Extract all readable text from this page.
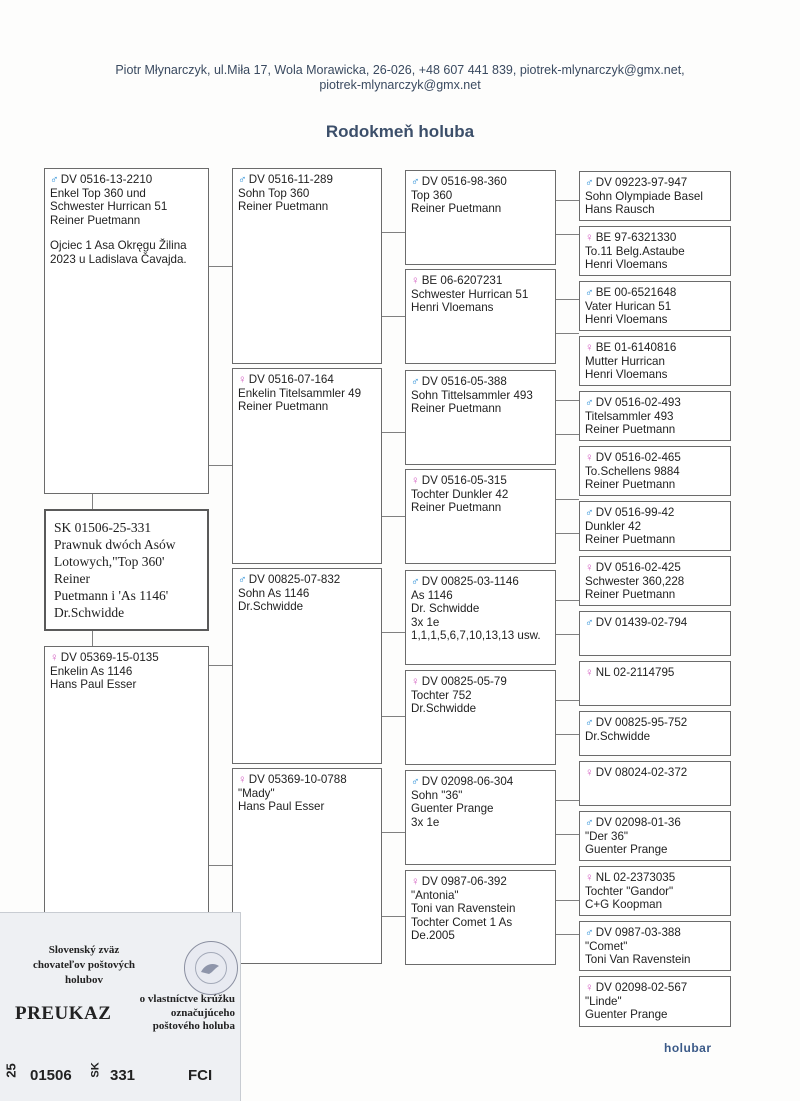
Piotr Młynarczyk, ul.Miła 17, Wola Morawicka, 26-026, +48 607 441 839, piotrek-mlynarczyk@gmx.net,
piotrek-mlynarczyk@gmx.net
Rodokmeň holuba
♂ DV 0516-13-2210
Enkel Top 360 und
Schwester Hurrican 51
Reiner Puetmann
Ojciec 1 Asa Okręgu Žilina
2023 u Ladislava Čavajda.
SK 01506-25-331
Prawnuk dwóch Asów
Lotowych,"Top 360'
Reiner
Puetmann i 'As 1146'
Dr.Schwidde
♀ DV 05369-15-0135
Enkelin As 1146
Hans Paul Esser
♂ DV 0516-11-289
Sohn Top 360
Reiner Puetmann
♀ DV 0516-07-164
Enkelin Titelsammler 49
Reiner Puetmann
♂ DV 00825-07-832
Sohn As 1146
Dr.Schwidde
♀ DV 05369-10-0788
"Mady"
Hans Paul Esser
♂ DV 0516-98-360
Top 360
Reiner Puetmann
♀ BE 06-6207231
Schwester Hurrican 51
Henri Vloemans
♂ DV 0516-05-388
Sohn Tittelsammler 493
Reiner Puetmann
♀ DV 0516-05-315
Tochter Dunkler 42
Reiner Puetmann
♂ DV 00825-03-1146
As 1146
Dr. Schwidde
3x 1e
1,1,1,5,6,7,10,13,13 usw.
♀ DV 00825-05-79
Tochter 752
Dr.Schwidde
♂ DV 02098-06-304
Sohn "36"
Guenter Prange
3x 1e
♀ DV 0987-06-392
"Antonia"
Toni van Ravenstein
Tochter Comet 1 As
De.2005
♂ DV 09223-97-947
Sohn Olympiade Basel
Hans Rausch
♀ BE 97-6321330
To.11 Belg.Astaube
Henri Vloemans
♂ BE 00-6521648
Vater Hurican 51
Henri Vloemans
♀ BE 01-6140816
Mutter Hurrican
Henri Vloemans
♂ DV 0516-02-493
Titelsammler 493
Reiner Puetmann
♀ DV 0516-02-465
To.Schellens 9884
Reiner Puetmann
♂ DV 0516-99-42
Dunkler 42
Reiner Puetmann
♀ DV 0516-02-425
Schwester 360,228
Reiner Puetmann
♂ DV 01439-02-794
♀ NL 02-2114795
♂ DV 00825-95-752
Dr.Schwidde
♀ DV 08024-02-372
♂ DV 02098-01-36
"Der 36"
Guenter Prange
♀ NL 02-2373035
Tochter "Gandor"
C+G Koopman
♂ DV 0987-03-388
"Comet"
Toni Van Ravenstein
♀ DV 02098-02-567
"Linde"
Guenter Prange
Slovenský zväz
chovateľov poštových holubov
o vlastníctve krúžku
označujúceho
poštového holuba
PREUKAZ
25 01506 SK 331	FCI
holubar
